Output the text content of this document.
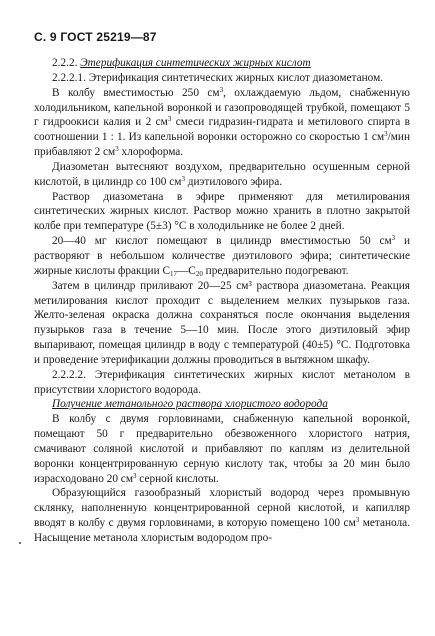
С. 9 ГОСТ 25219—87

2.2.2. Этерификация синтетических жирных кислот

2.2.2.1. Этерификация синтетических жирных кислот диазометаном.

В колбу вместимостью 250 $см^3$, охлаждаемую льдом, снабженную холодильником, капельной воронкой и газопроводящей трубкой, помещают 5 г гидроокиси калия и 2 $см^3$ смеси гидразин-гидрата и метилового спирта в соотношении 1 : 1. Из капельной воронки осторожно со скоростью 1 $см^3$/мин прибавляют 2 $см^3$ хлороформа.

Диазометан вытесняют воздухом, предварительно осушенным серной кислотой, в цилиндр со 100 $см^3$ диэтилового эфира.

Раствор диазометана в эфире применяют для метилирования синтетических жирных кислот. Раствор можно хранить в плотно закрытой колбе при температуре (5±3) °С в холодильнике не более 2 дней.

20—40 мг кислот помещают в цилиндр вместимостью 50 $см^3$ и растворяют в небольшом количестве диэтилового эфира; синтетические жирные кислоты фракции $С_{17}—С_{20}$ предварительно подогревают.

Затем в цилиндр приливают 20—25 см³ раствора диазометана. Реакция метилирования кислот проходит с выделением мелких пузырьков газа. Желто-зеленая окраска должна сохраняться после окончания выделения пузырьков газа в течение 5—10 мин. После этого диэтиловый эфир выпаривают, помещая цилиндр в воду с температурой (40±5) °С. Подготовка и проведение этерификации должны проводиться в вытяжном шкафу.

2.2.2.2. Этерификация синтетических жирных кислот метанолом в присутствии хлористого водорода.

Получение метанольного раствора хлористого водорода

В колбу с двумя горловинами, снабженную капельной воронкой, помещают 50 г предварительно обезвоженного хлористого натрия, смачивают соляной кислотой и прибавляют по каплям из делительной воронки концентрированную серную кислоту так, чтобы за 20 мин было израсходовано 20 $см^3$ серной кислоты.

Образующийся газообразный хлористый водород через промывную склянку, наполненную концентрированной серной кислотой, и капилляр вводят в колбу с двумя горловинами, в которую помещено 100 $см^3$ метанола. Насыщение метанола хлористым водородом про-
